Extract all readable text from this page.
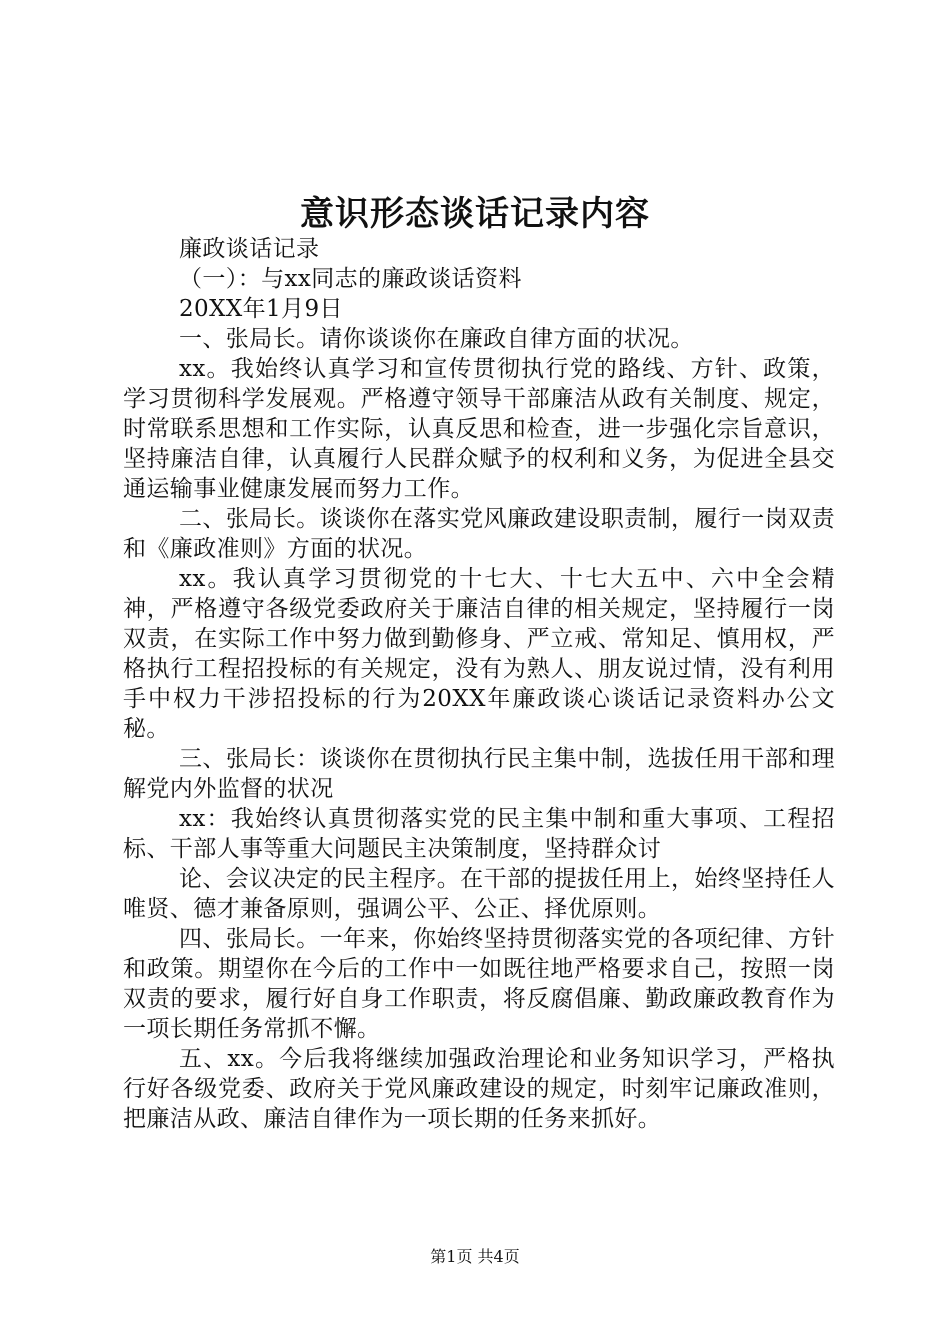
意识形态谈话记录内容

廉政谈话记录

（一）：与xx同志的廉政谈话资料

20XX年1月9日

一、张局长。请你谈谈你在廉政自律方面的状况。

xx。我始终认真学习和宣传贯彻执行党的路线、方针、政策，学习贯彻科学发展观。严格遵守领导干部廉洁从政有关制度、规定，时常联系思想和工作实际，认真反思和检查，进一步强化宗旨意识，坚持廉洁自律，认真履行人民群众赋予的权利和义务，为促进全县交通运输事业健康发展而努力工作。

二、张局长。谈谈你在落实党风廉政建设职责制，履行一岗双责和《廉政准则》方面的状况。

xx。我认真学习贯彻党的十七大、十七大五中、六中全会精神，严格遵守各级党委政府关于廉洁自律的相关规定，坚持履行一岗双责，在实际工作中努力做到勤修身、严立戒、常知足、慎用权，严格执行工程招投标的有关规定，没有为熟人、朋友说过情，没有利用手中权力干涉招投标的行为20XX年廉政谈心谈话记录资料办公文秘。

三、张局长：谈谈你在贯彻执行民主集中制，选拔任用干部和理解党内外监督的状况

xx：我始终认真贯彻落实党的民主集中制和重大事项、工程招标、干部人事等重大问题民主决策制度，坚持群众讨

论、会议决定的民主程序。在干部的提拔任用上，始终坚持任人唯贤、德才兼备原则，强调公平、公正、择优原则。

四、张局长。一年来，你始终坚持贯彻落实党的各项纪律、方针和政策。期望你在今后的工作中一如既往地严格要求自己，按照一岗双责的要求，履行好自身工作职责，将反腐倡廉、勤政廉政教育作为一项长期任务常抓不懈。

五、xx。今后我将继续加强政治理论和业务知识学习，严格执行好各级党委、政府关于党风廉政建设的规定，时刻牢记廉政准则，把廉洁从政、廉洁自律作为一项长期的任务来抓好。

第1页 共4页
